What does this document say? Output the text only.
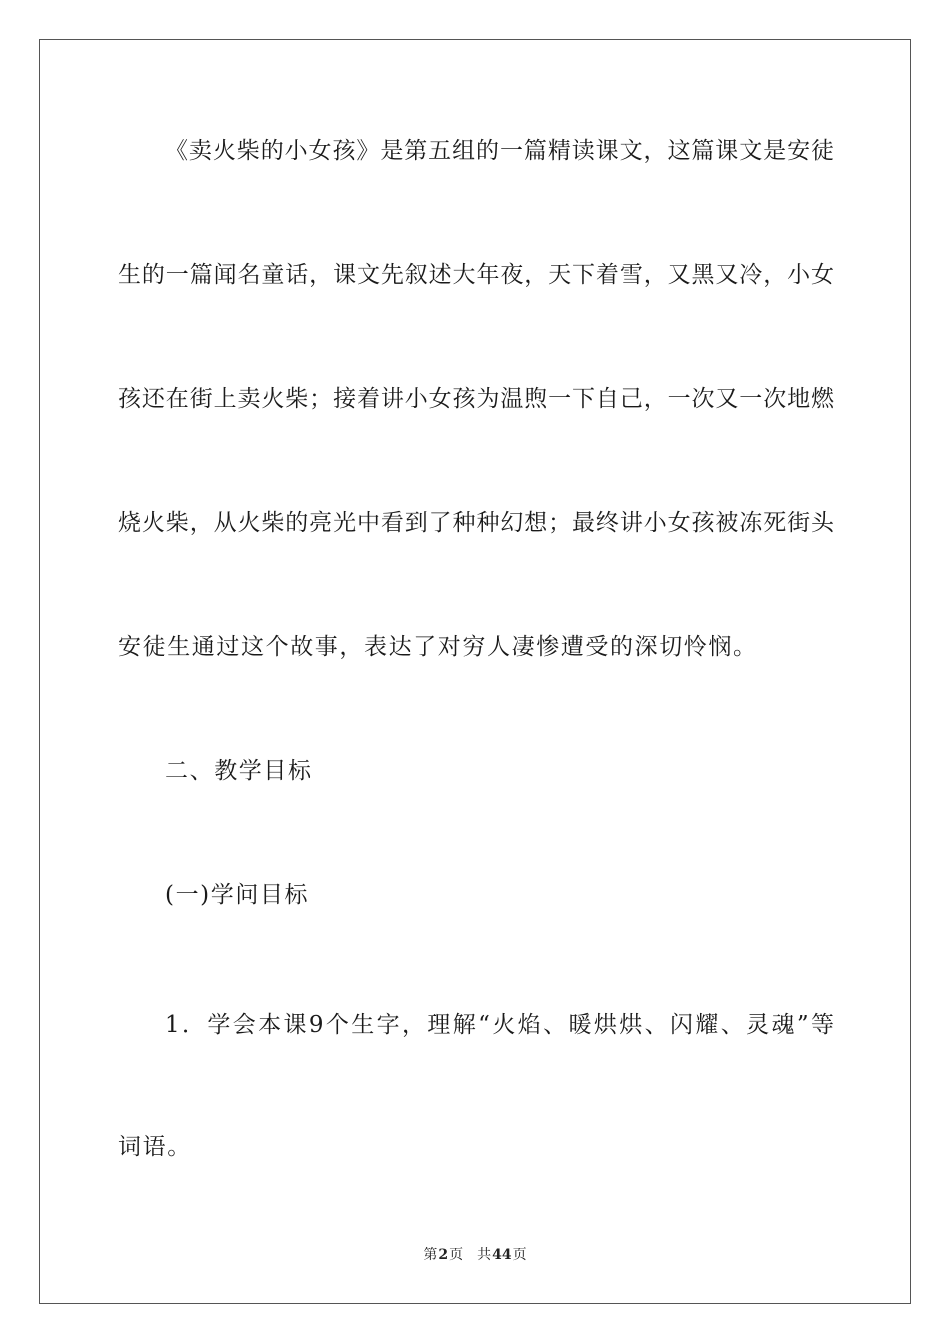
《卖火柴的小女孩》是第五组的一篇精读课文，这篇课文是安徒
生的一篇闻名童话，课文先叙述大年夜，天下着雪，又黑又冷，小女
孩还在街上卖火柴；接着讲小女孩为温煦一下自己，一次又一次地燃
烧火柴，从火柴的亮光中看到了种种幻想；最终讲小女孩被冻死街头
安徒生通过这个故事，表达了对穷人凄惨遭受的深切怜悯。
二、教学目标
(一)学问目标
1．学会本课9个生字，理解“火焰、暖烘烘、闪耀、灵魂”等
词语。
第2页 共44页
